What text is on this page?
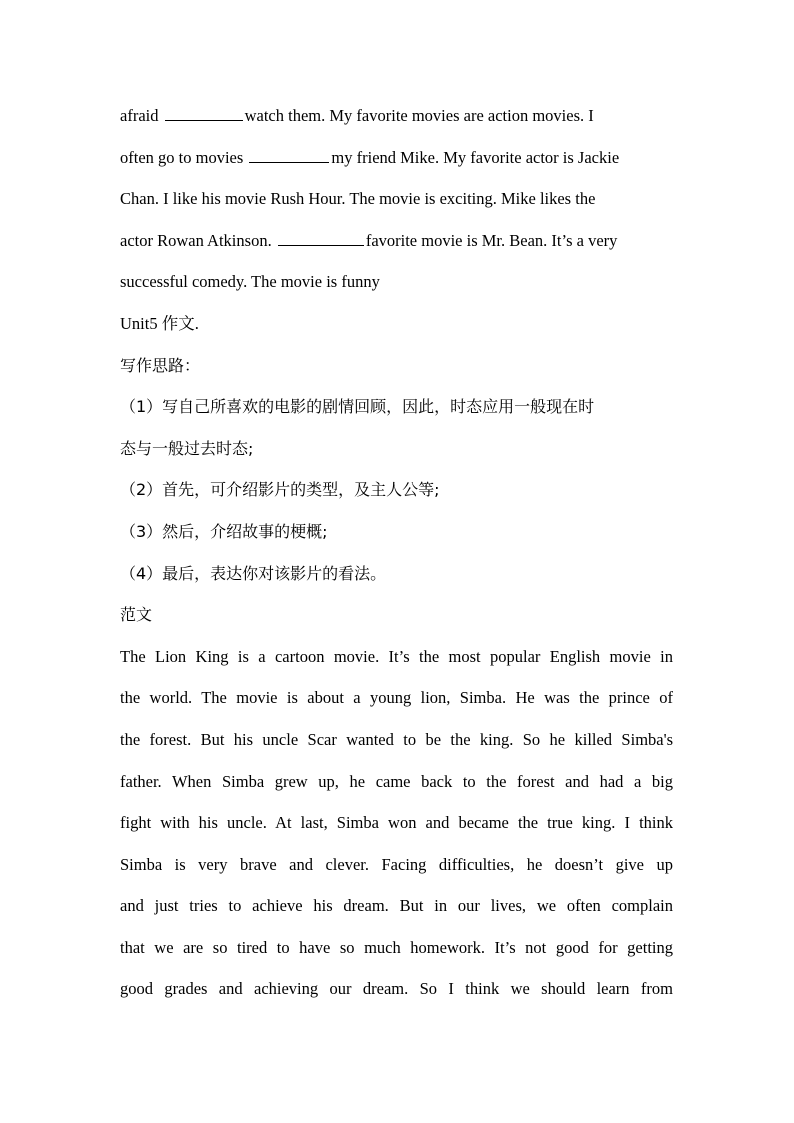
afraid	watch them. My favorite movies are action movies. I
often go to movies	my friend Mike. My favorite actor is Jackie
Chan. I like his movie Rush Hour. The movie is exciting. Mike likes the
actor Rowan Atkinson.	favorite movie is Mr. Bean. It’s a very
successful comedy. The movie is funny
Unit5 作文.
写作思路：
（1）写自己所喜欢的电影的剧情回顾，因此，时态应用一般现在时
态与一般过去时态;
（2）首先，可介绍影片的类型，及主人公等;
（3）然后，介绍故事的梗概;
（4）最后，表达你对该影片的看法。
范文
The Lion King is a cartoon movie. It’s the most popular English movie in
the world. The movie is about a young lion, Simba. He was the prince of
the forest. But his uncle Scar wanted to be the king. So he killed Simba's
father. When Simba grew up, he came back to the forest and had a big
fight with his uncle. At last, Simba won and became the true king. I think
Simba is very brave and clever. Facing difficulties, he doesn’t give up
and just tries to achieve his dream. But in our lives, we often complain
that we are so tired to have so much homework. It’s not good for getting
good grades and achieving our dream. So I think we should learn from
